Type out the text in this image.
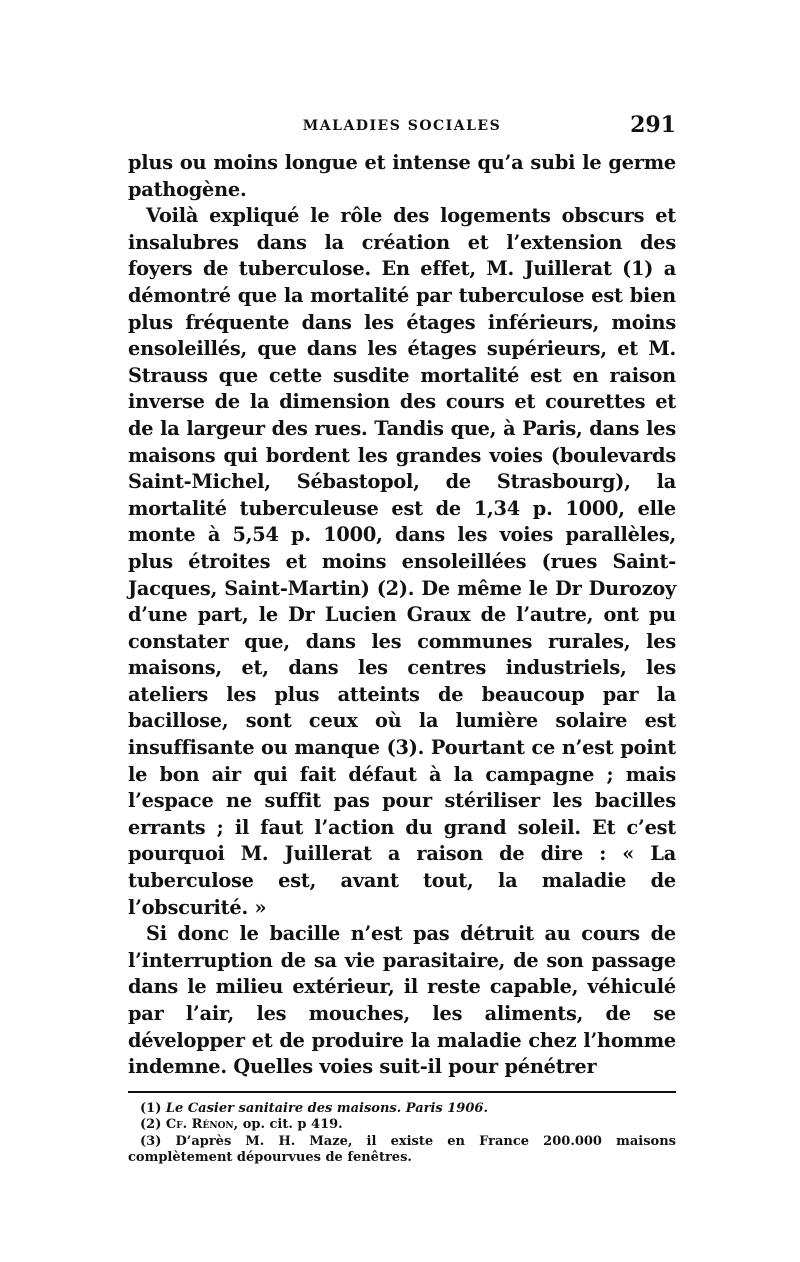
MALADIES SOCIALES	291

plus ou moins longue et intense qu’a subi le germe pathogène.

Voilà expliqué le rôle des logements obscurs et insalubres dans la création et l’extension des foyers de tuberculose. En effet, M. Juillerat (1) a démontré que la mortalité par tuberculose est bien plus fréquente dans les étages inférieurs, moins ensoleillés, que dans les étages supérieurs, et M. Strauss que cette susdite mortalité est en raison inverse de la dimension des cours et courettes et de la largeur des rues. Tandis que, à Paris, dans les maisons qui bordent les grandes voies (boulevards Saint-Michel, Sébastopol, de Strasbourg), la mortalité tuberculeuse est de 1,34 p. 1000, elle monte à 5,54 p. 1000, dans les voies parallèles, plus étroites et moins ensoleillées (rues Saint-Jacques, Saint-Martin) (2). De même le Dr Durozoy d’une part, le Dr Lucien Graux de l’autre, ont pu constater que, dans les communes rurales, les maisons, et, dans les centres industriels, les ateliers les plus atteints de beaucoup par la bacillose, sont ceux où la lumière solaire est insuffisante ou manque (3). Pourtant ce n’est point le bon air qui fait défaut à la campagne ; mais l’espace ne suffit pas pour stériliser les bacilles errants ; il faut l’action du grand soleil. Et c’est pourquoi M. Juillerat a raison de dire : « La tuberculose est, avant tout, la maladie de l’obscurité. »

Si donc le bacille n’est pas détruit au cours de l’interruption de sa vie parasitaire, de son passage dans le milieu extérieur, il reste capable, véhiculé par l’air, les mouches, les aliments, de se développer et de produire la maladie chez l’homme indemne. Quelles voies suit-il pour pénétrer

(1) Le Casier sanitaire des maisons. Paris 1906.

(2) Cf. Rénon, op. cit. p 419.

(3) D’après M. H. Maze, il existe en France 200.000 maisons complètement dépourvues de fenêtres.
